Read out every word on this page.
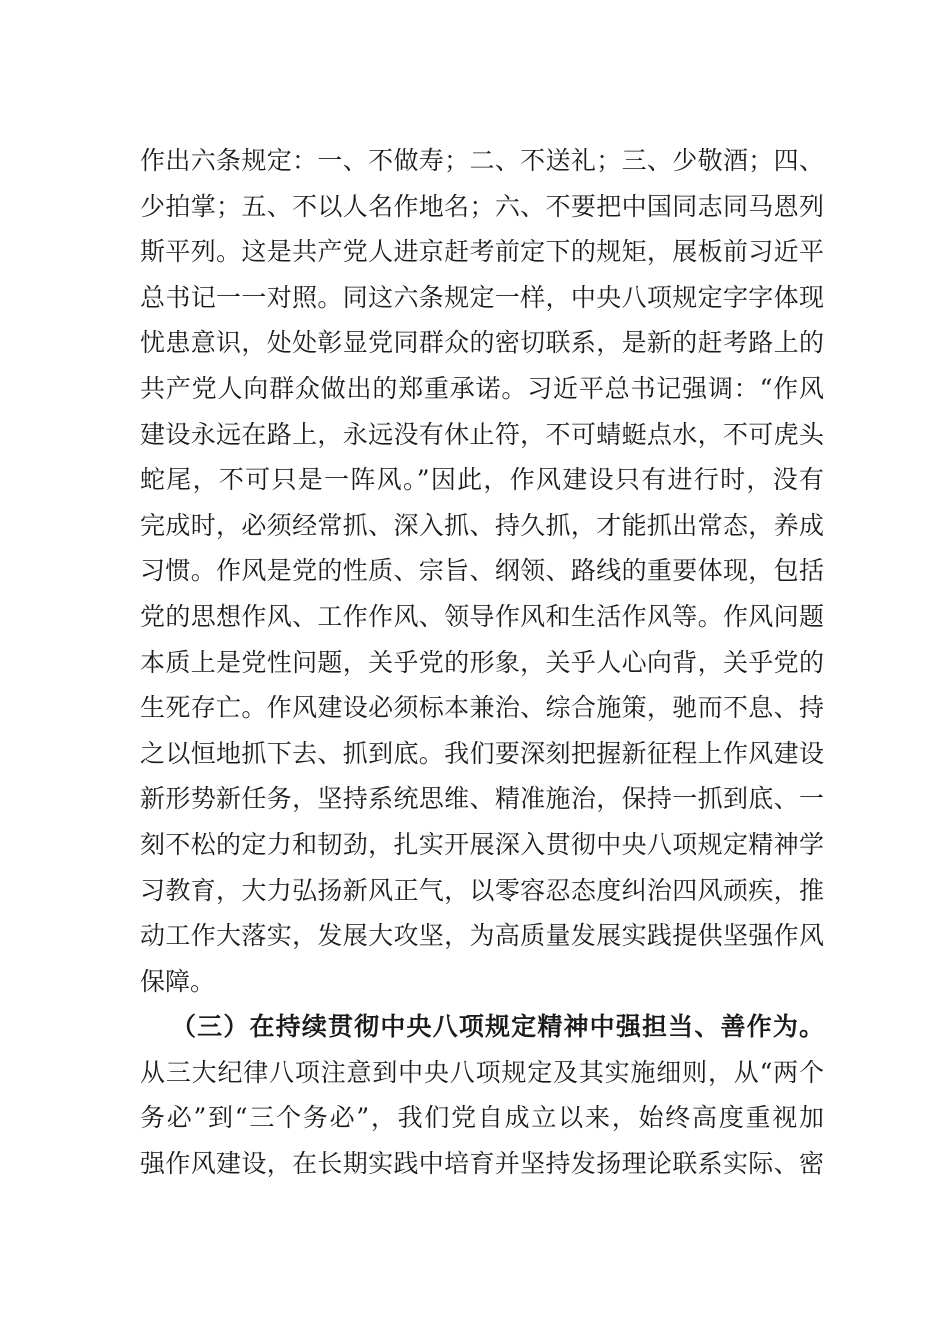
作出六条规定：一、不做寿；二、不送礼；三、少敬酒；四、
少拍掌；五、不以人名作地名；六、不要把中国同志同马恩列
斯平列。这是共产党人进京赶考前定下的规矩，展板前习近平
总书记一一对照。同这六条规定一样，中央八项规定字字体现
忧患意识，处处彰显党同群众的密切联系，是新的赶考路上的
共产党人向群众做出的郑重承诺。习近平总书记强调：“作风
建设永远在路上，永远没有休止符，不可蜻蜓点水，不可虎头
蛇尾，不可只是一阵风。”因此，作风建设只有进行时，没有
完成时，必须经常抓、深入抓、持久抓，才能抓出常态，养成
习惯。作风是党的性质、宗旨、纲领、路线的重要体现，包括
党的思想作风、工作作风、领导作风和生活作风等。作风问题
本质上是党性问题，关乎党的形象，关乎人心向背，关乎党的
生死存亡。作风建设必须标本兼治、综合施策，驰而不息、持
之以恒地抓下去、抓到底。我们要深刻把握新征程上作风建设
新形势新任务，坚持系统思维、精准施治，保持一抓到底、一
刻不松的定力和韧劲，扎实开展深入贯彻中央八项规定精神学
习教育，大力弘扬新风正气，以零容忍态度纠治四风顽疾，推
动工作大落实，发展大攻坚，为高质量发展实践提供坚强作风
保障。
（三）在持续贯彻中央八项规定精神中强担当、善作为。
从三大纪律八项注意到中央八项规定及其实施细则，从“两个
务必”到“三个务必”，我们党自成立以来，始终高度重视加
强作风建设，在长期实践中培育并坚持发扬理论联系实际、密
